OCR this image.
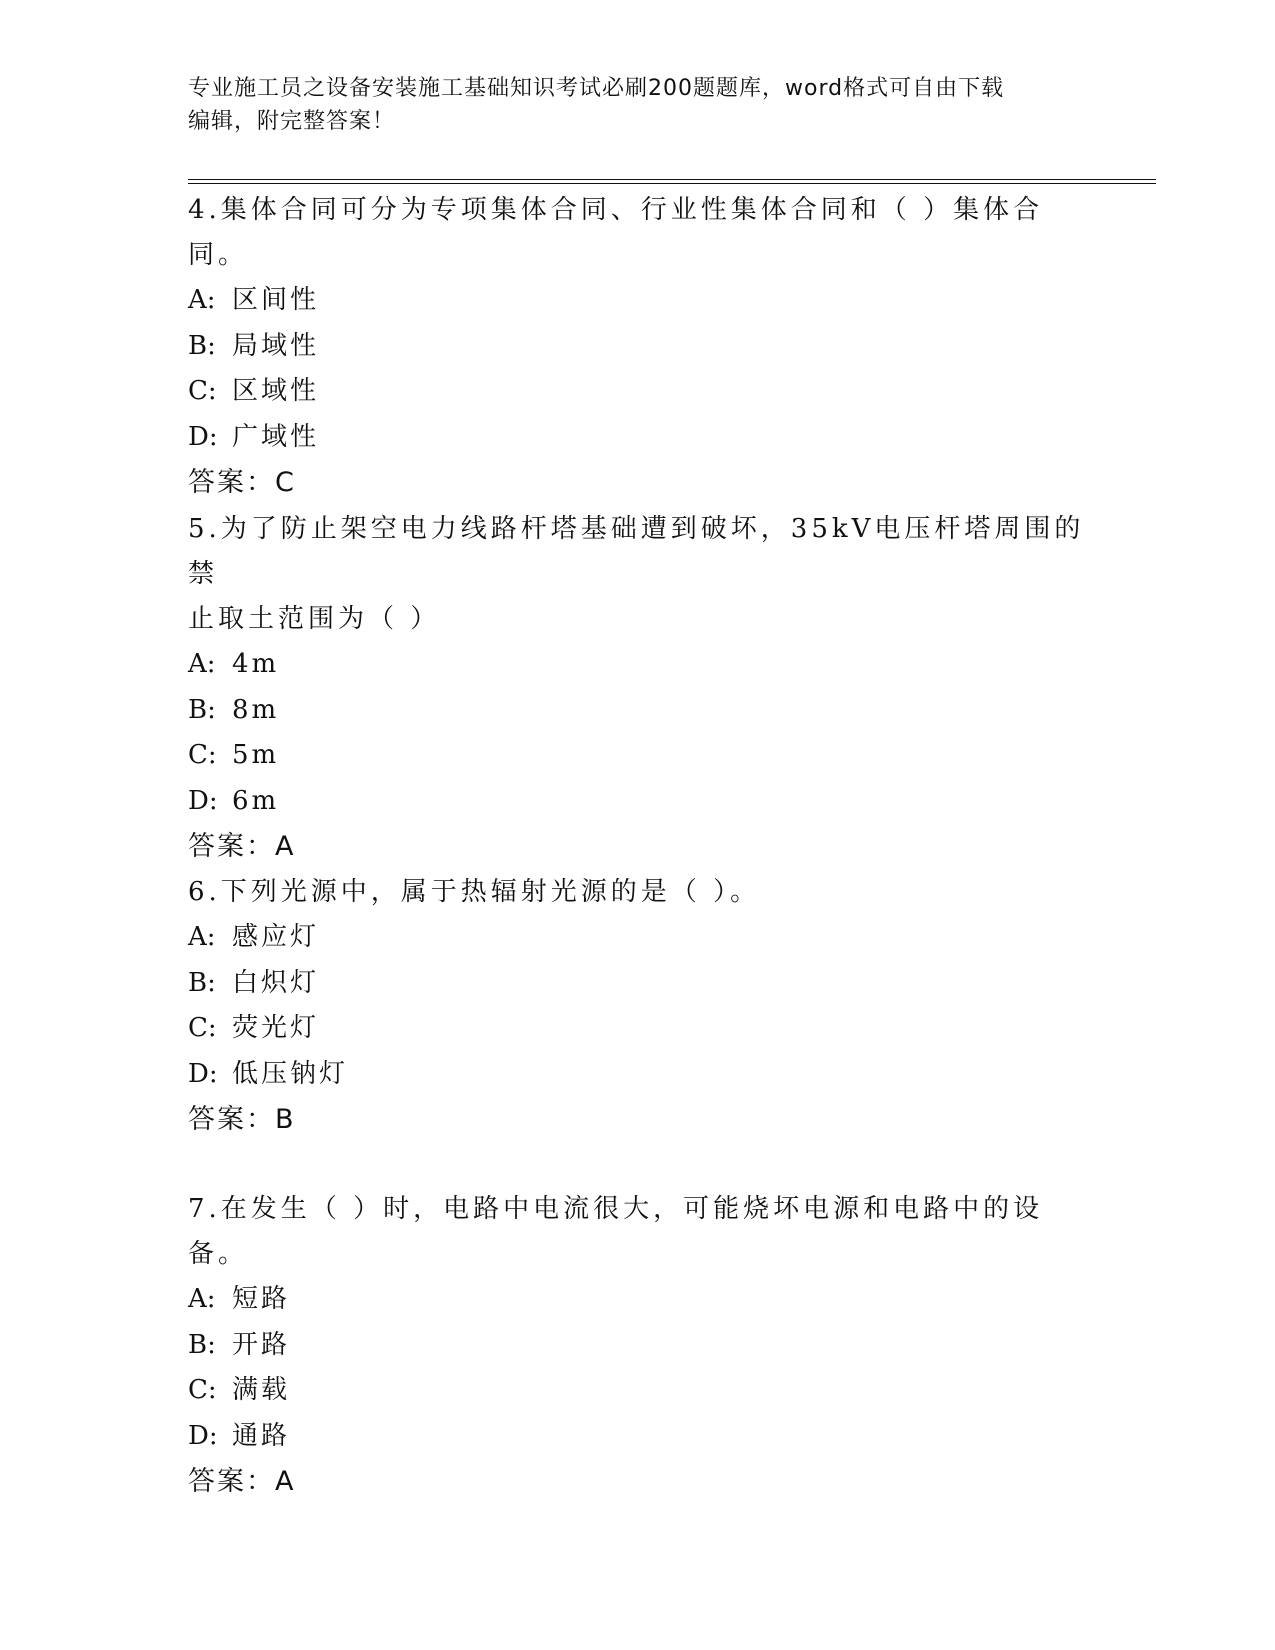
专业施工员之设备安装施工基础知识考试必刷200题题库，word格式可自由下载
编辑，附完整答案！

4.集体合同可分为专项集体合同、行业性集体合同和（ ）集体合同。

A: 区间性

B: 局域性

C: 区域性

D: 广域性

答案：C

5.为了防止架空电力线路杆塔基础遭到破坏，35kV电压杆塔周围的禁

止取土范围为（ ）

A: 4m

B: 8m

C: 5m

D: 6m

答案：A

6.下列光源中，属于热辐射光源的是（ ）。

A: 感应灯

B: 白炽灯

C: 荧光灯

D: 低压钠灯

答案：B

7.在发生（ ）时，电路中电流很大，可能烧坏电源和电路中的设备。

A: 短路

B: 开路

C: 满载

D: 通路

答案：A
